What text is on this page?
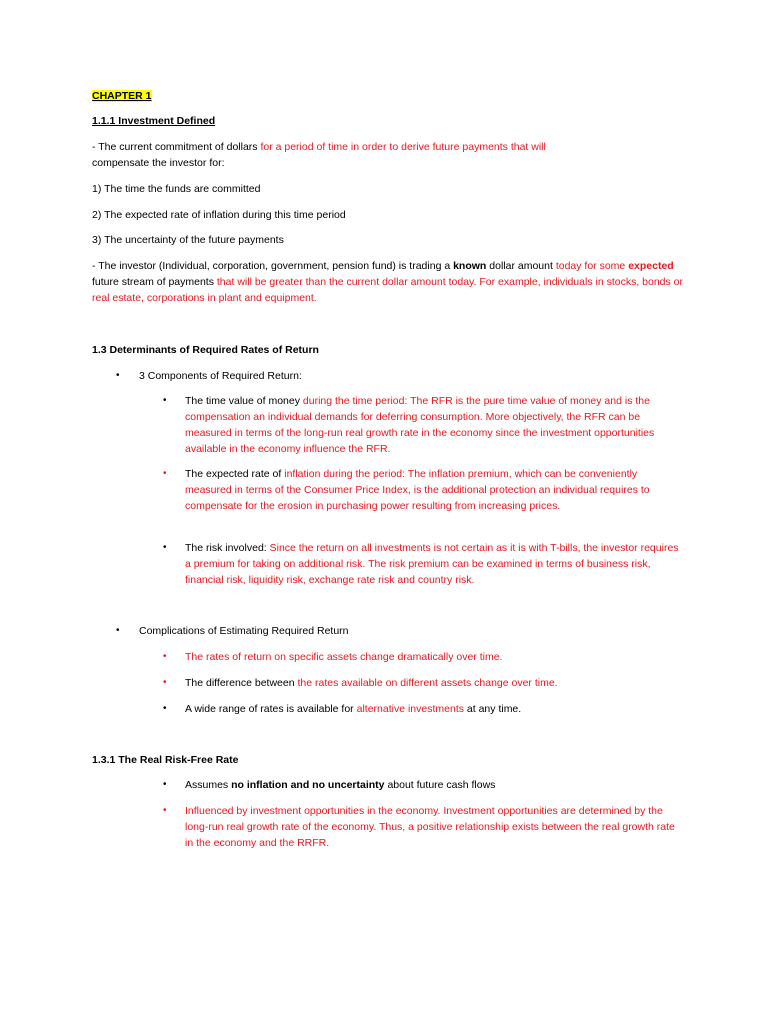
CHAPTER 1

1.1.1 Investment Defined

- The current commitment of dollars for a period of time in order to derive future payments that will
compensate the investor for:

1) The time the funds are committed

2) The expected rate of inflation during this time period

3) The uncertainty of the future payments

- The investor (Individual, corporation, government, pension fund) is trading a known dollar amount today for some expected future stream of payments that will be greater than the current dollar amount today. For example, individuals in stocks, bonds or real estate, corporations in plant and equipment.

1.3 Determinants of Required Rates of Return

• 3 Components of Required Return:

• The time value of money during the time period: The RFR is the pure time value of money and is the compensation an individual demands for deferring consumption. More objectively, the RFR can be measured in terms of the long-run real growth rate in the economy since the investment opportunities available in the economy influence the RFR.

• The expected rate of inflation during the period: The inflation premium, which can be conveniently measured in terms of the Consumer Price Index, is the additional protection an individual requires to compensate for the erosion in purchasing power resulting from increasing prices.

• The risk involved: Since the return on all investments is not certain as it is with T-bills, the investor requires a premium for taking on additional risk. The risk premium can be examined in terms of business risk, financial risk, liquidity risk, exchange rate risk and country risk.

• Complications of Estimating Required Return

• The rates of return on specific assets change dramatically over time.

• The difference between the rates available on different assets change over time.

• A wide range of rates is available for alternative investments at any time.

1.3.1 The Real Risk-Free Rate

• Assumes no inflation and no uncertainty about future cash flows

• Influenced by investment opportunities in the economy. Investment opportunities are determined by the long-run real growth rate of the economy. Thus, a positive relationship exists between the real growth rate in the economy and the RRFR.
